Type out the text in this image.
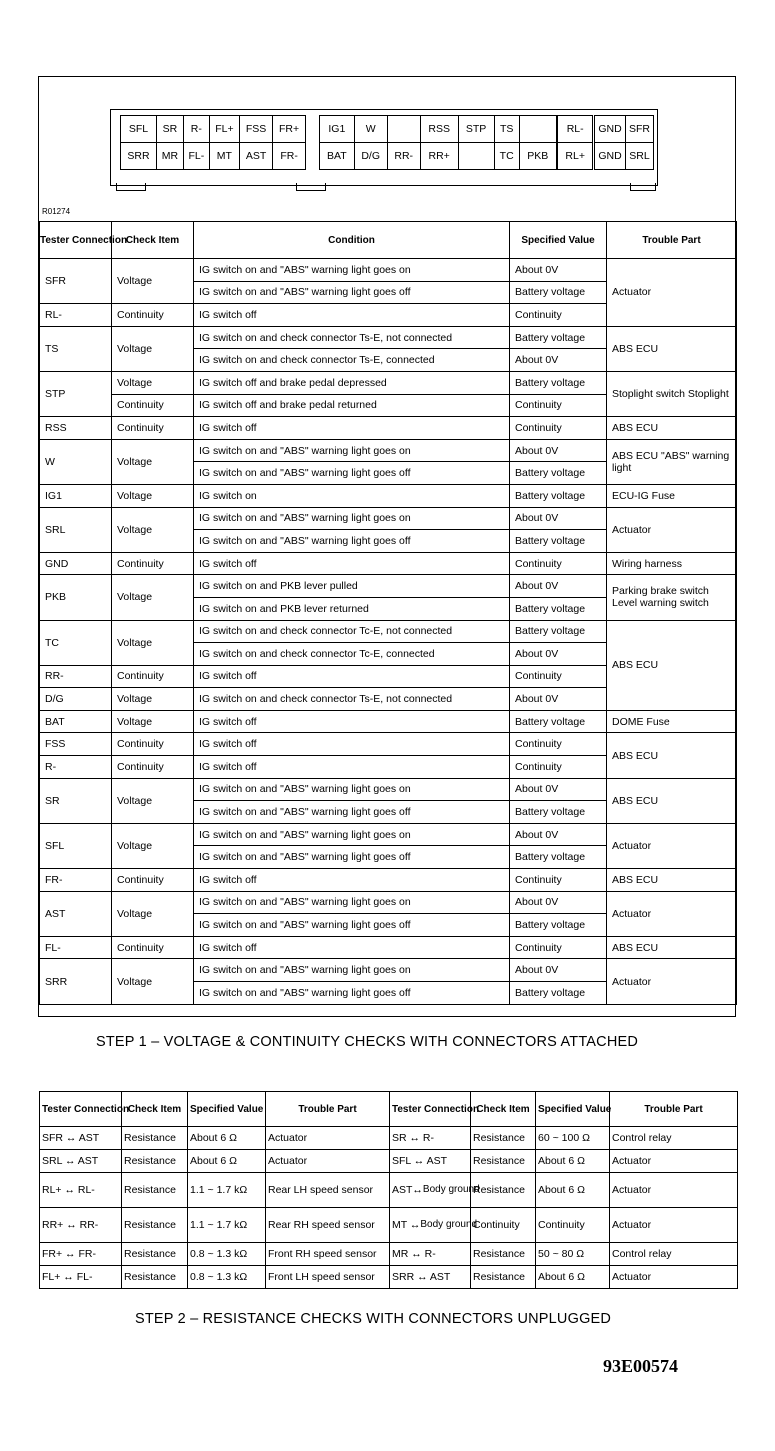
SFL	SR	R-	FL+	FSS	FR+
SRR	MR	FL-	MT	AST	FR-
IG1	W		RSS	STP	TS			RL-
BAT	D/G	RR-	RR+		TC	PKB		RL+
GND	SFR
GND	SRL
R01274
Tester Connection	Check Item	Condition	Specified Value	Trouble Part
SFR	Voltage	IG switch on and "ABS" warning light goes on	About 0V	Actuator
		IG switch on and "ABS" warning light goes off	Battery voltage	
RL-	Continuity	IG switch off	Continuity	
TS	Voltage	IG switch on and check connector Ts-E, not connected	Battery voltage	ABS ECU
		IG switch on and check connector Ts-E, connected	About 0V	
STP	Voltage	IG switch off and brake pedal depressed	Battery voltage	Stoplight switch Stoplight
	Continuity	IG switch off and brake pedal returned	Continuity	
RSS	Continuity	IG switch off	Continuity	ABS ECU
W	Voltage	IG switch on and "ABS" warning light goes on	About 0V	ABS ECU "ABS" warning light
		IG switch on and "ABS" warning light goes off	Battery voltage	
IG1	Voltage	IG switch on	Battery voltage	ECU-IG Fuse
SRL	Voltage	IG switch on and "ABS" warning light goes on	About 0V	Actuator
		IG switch on and "ABS" warning light goes off	Battery voltage	
GND	Continuity	IG switch off	Continuity	Wiring harness
PKB	Voltage	IG switch on and PKB lever pulled	About 0V	Parking brake switch Level warning switch
		IG switch on and PKB lever returned	Battery voltage	
TC	Voltage	IG switch on and check connector Tc-E, not connected	Battery voltage	ABS ECU
		IG switch on and check connector Tc-E, connected	About 0V	
RR-	Continuity	IG switch off	Continuity	
D/G	Voltage	IG switch on and check connector Ts-E, not connected	About 0V	
BAT	Voltage	IG switch off	Battery voltage	DOME Fuse
FSS	Continuity	IG switch off	Continuity	ABS ECU
R-	Continuity	IG switch off	Continuity	
SR	Voltage	IG switch on and "ABS" warning light goes on	About 0V	ABS ECU
		IG switch on and "ABS" warning light goes off	Battery voltage	
SFL	Voltage	IG switch on and "ABS" warning light goes on	About 0V	Actuator
		IG switch on and "ABS" warning light goes off	Battery voltage	
FR-	Continuity	IG switch off	Continuity	ABS ECU
AST	Voltage	IG switch on and "ABS" warning light goes on	About 0V	Actuator
		IG switch on and "ABS" warning light goes off	Battery voltage	
FL-	Continuity	IG switch off	Continuity	ABS ECU
SRR	Voltage	IG switch on and "ABS" warning light goes on	About 0V	Actuator
		IG switch on and "ABS" warning light goes off	Battery voltage	
STEP 1 – VOLTAGE & CONTINUITY CHECKS WITH CONNECTORS ATTACHED
Tester Connection	Check Item	Specified Value	Trouble Part	Tester Connection	Check Item	Specified Value	Trouble Part
SFR ↔ AST	Resistance	About 6 Ω	Actuator	SR ↔ R-	Resistance	60 ~ 100 Ω	Control relay
SRL ↔ AST	Resistance	About 6 Ω	Actuator	SFL ↔ AST	Resistance	About 6 Ω	Actuator
RL+ ↔ RL-	Resistance	1.1 ~ 1.7 kΩ	Rear LH speed sensor	AST↔Body ground	Resistance	About 6 Ω	Actuator
RR+ ↔ RR-	Resistance	1.1 ~ 1.7 kΩ	Rear RH speed sensor	MT ↔Body ground	Continuity	Continuity	Actuator
FR+ ↔ FR-	Resistance	0.8 ~ 1.3 kΩ	Front RH speed sensor	MR ↔ R-	Resistance	50 ~ 80 Ω	Control relay
FL+ ↔ FL-	Resistance	0.8 ~ 1.3 kΩ	Front LH speed sensor	SRR ↔ AST	Resistance	About 6 Ω	Actuator
STEP 2 – RESISTANCE CHECKS WITH CONNECTORS UNPLUGGED
93E00574
